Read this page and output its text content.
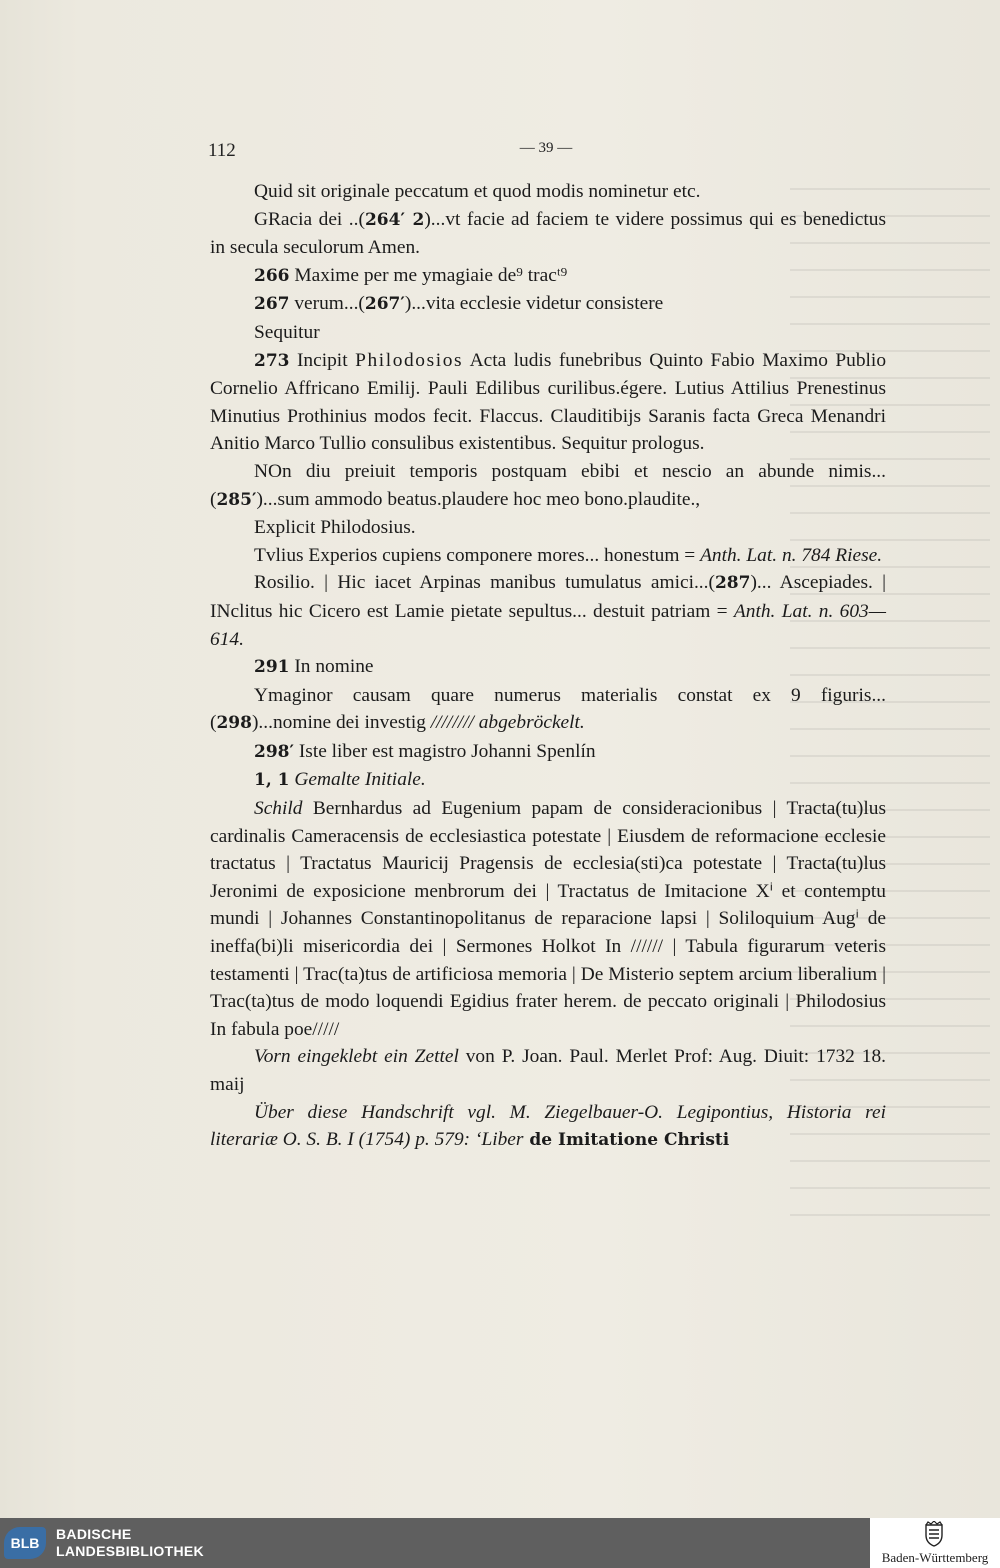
112	— 39 —

Quid sit originale peccatum et quod modis nominetur etc.

GRacia dei ..(264′ 2)...vt facie ad faciem te videre possimus qui es benedictus in secula seculorum Amen.

266 Maxime per me ymagiaie de⁹ tracᵗ⁹

267 verum...(267′)...vita ecclesie videtur consistere

Sequitur

273 Incipit Philodosios Acta ludis funebribus Quinto Fabio Maximo Publio Cornelio Affricano Emilij. Pauli Edilibus curilibus.égere. Lutius Attilius Prenestinus Minutius Prothinius modos fecit. Flaccus. Clauditibijs Saranis facta Greca Menandri Anitio Marco Tullio consulibus existentibus. Sequitur prologus.

NOn diu preiuit temporis postquam ebibi et nescio an abunde nimis...(285′)...sum ammodo beatus.plaudere hoc meo bono.plaudite.,

Explicit Philodosius.

Tvlius Experios cupiens componere mores... honestum = Anth. Lat. n. 784 Riese.

Rosilio. | Hic iacet Arpinas manibus tumulatus amici...(287)... Ascepiades. | INclitus hic Cicero est Lamie pietate sepultus... destuit patriam = Anth. Lat. n. 603—614.

291 In nomine

Ymaginor causam quare numerus materialis constat ex 9 figuris... (298)...nomine dei investig //////// abgebröckelt.

298′ Iste liber est magistro Johanni Spenlín

1, 1 Gemalte Initiale.

Schild Bernhardus ad Eugenium papam de consideracionibus | Tracta(tu)lus cardinalis Cameracensis de ecclesiastica potestate | Eiusdem de reformacione ecclesie tractatus | Tractatus Mauricij Pragensis de ecclesia(sti)ca potestate | Tracta(tu)lus Jeronimi de exposicione menbrorum dei | Tractatus de Imitacione Xⁱ et contemptu mundi | Johannes Constantinopolitanus de reparacione lapsi | Soliloquium Augⁱ de ineffa(bi)li misericordia dei | Sermones Holkot In ////// | Tabula figurarum veteris testamenti | Trac(ta)tus de artificiosa memoria | De Misterio septem arcium liberalium | Trac(ta)tus de modo loquendi Egidius frater herem. de peccato originali | Philodosius In fabula poe/////

Vorn eingeklebt ein Zettel von P. Joan. Paul. Merlet Prof: Aug. Diuit: 1732 18. maij

Über diese Handschrift vgl. M. Ziegelbauer-O. Legipontius, Historia rei literariæ O. S. B. I (1754) p. 579: ‘Liber de Imitatione Christi

BLB
BADISCHE
LANDESBIBLIOTHEK	Baden-Württemberg
